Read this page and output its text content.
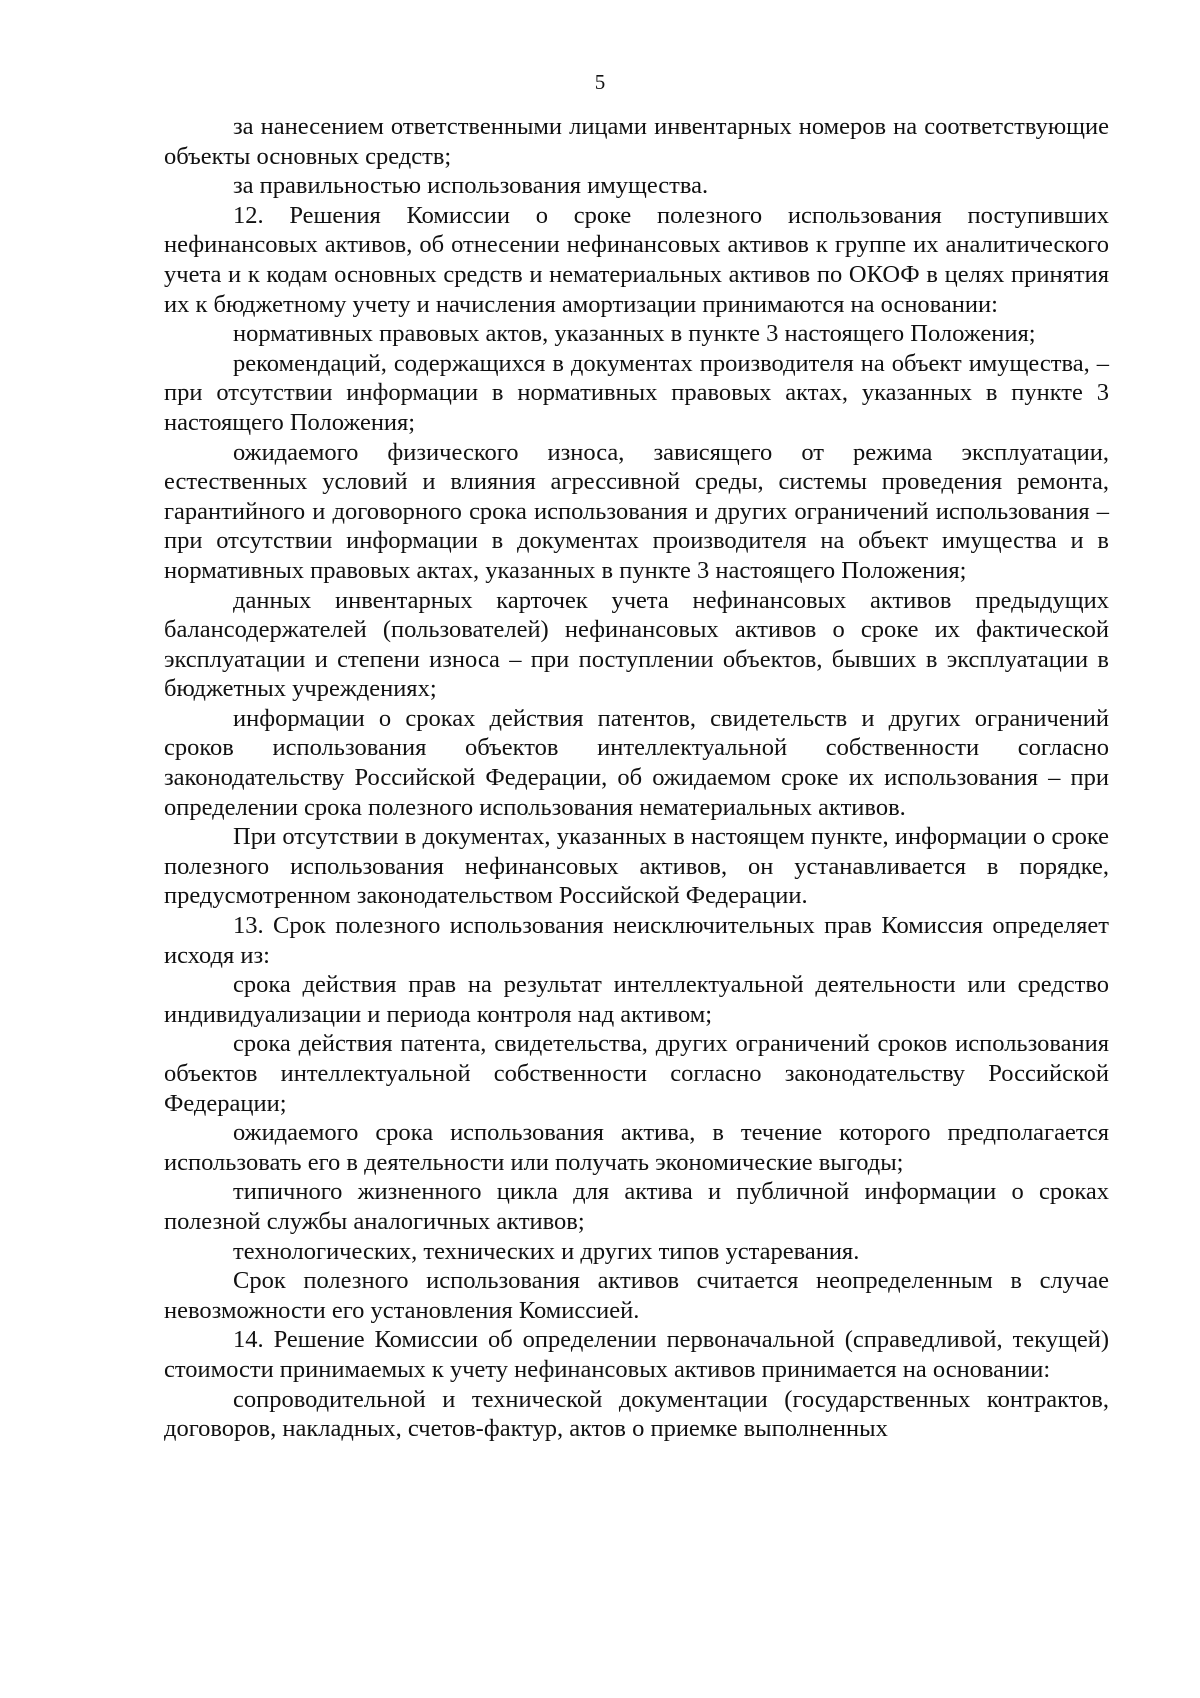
5

за нанесением ответственными лицами инвентарных номеров на соответствующие объекты основных средств;

за правильностью использования имущества.

12. Решения Комиссии о сроке полезного использования поступивших нефинансовых активов, об отнесении нефинансовых активов к группе их аналитического учета и к кодам основных средств и нематериальных активов по ОКОФ в целях принятия их к бюджетному учету и начисления амортизации принимаются на основании:

нормативных правовых актов, указанных в пункте 3 настоящего Положения;

рекомендаций, содержащихся в документах производителя на объект имущества, – при отсутствии информации в нормативных правовых актах, указанных в пункте 3 настоящего Положения;

ожидаемого физического износа, зависящего от режима эксплуатации, естественных условий и влияния агрессивной среды, системы проведения ремонта, гарантийного и договорного срока использования и других ограничений использования – при отсутствии информации в документах производителя на объект имущества и в нормативных правовых актах, указанных в пункте 3 настоящего Положения;

данных инвентарных карточек учета нефинансовых активов предыдущих балансодержателей (пользователей) нефинансовых активов о сроке их фактической эксплуатации и степени износа – при поступлении объектов, бывших в эксплуатации в бюджетных учреждениях;

информации о сроках действия патентов, свидетельств и других ограничений сроков использования объектов интеллектуальной собственности согласно законодательству Российской Федерации, об ожидаемом сроке их использования – при определении срока полезного использования нематериальных активов.

При отсутствии в документах, указанных в настоящем пункте, информации о сроке полезного использования нефинансовых активов, он устанавливается в порядке, предусмотренном законодательством Российской Федерации.

13. Срок полезного использования неисключительных прав Комиссия определяет исходя из:

срока действия прав на результат интеллектуальной деятельности или средство индивидуализации и периода контроля над активом;

срока действия патента, свидетельства, других ограничений сроков использования объектов интеллектуальной собственности согласно законодательству Российской Федерации;

ожидаемого срока использования актива, в течение которого предполагается использовать его в деятельности или получать экономические выгоды;

типичного жизненного цикла для актива и публичной информации о сроках полезной службы аналогичных активов;

технологических, технических и других типов устаревания.

Срок полезного использования активов считается неопределенным в случае невозможности его установления Комиссией.

14. Решение Комиссии об определении первоначальной (справедливой, текущей) стоимости принимаемых к учету нефинансовых активов принимается на основании:

сопроводительной и технической документации (государственных контрактов, договоров, накладных, счетов-фактур, актов о приемке выполненных
